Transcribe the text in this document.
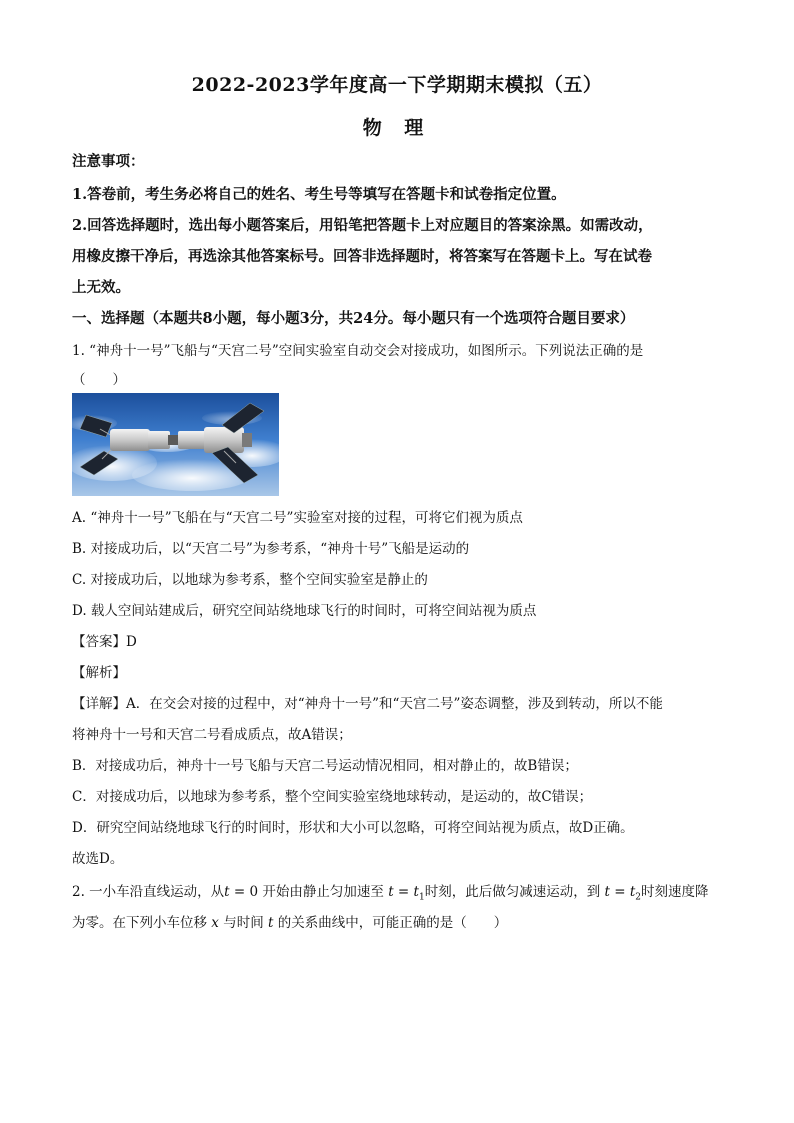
2022-2023学年度高一下学期期末模拟（五）
物 理
注意事项：
1.答卷前，考生务必将自己的姓名、考生号等填写在答题卡和试卷指定位置。
2.回答选择题时，选出每小题答案后，用铅笔把答题卡上对应题目的答案涂黑。如需改动，
用橡皮擦干净后，再选涂其他答案标号。回答非选择题时，将答案写在答题卡上。写在试卷
上无效。
一、选择题（本题共8小题，每小题3分，共24分。每小题只有一个选项符合题目要求）
1. “神舟十一号”飞船与“天宫二号”空间实验室自动交会对接成功，如图所示。下列说法正确的是
（　　）
A. “神舟十一号”飞船在与“天宫二号”实验室对接的过程，可将它们视为质点
B. 对接成功后，以“天宫二号”为参考系，“神舟十号”飞船是运动的
C. 对接成功后，以地球为参考系，整个空间实验室是静止的
D. 载人空间站建成后，研究空间站绕地球飞行的时间时，可将空间站视为质点
【答案】D
【解析】
【详解】A．在交会对接的过程中，对“神舟十一号”和“天宫二号”姿态调整，涉及到转动，所以不能
将神舟十一号和天宫二号看成质点，故A错误；
B．对接成功后，神舟十一号飞船与天宫二号运动情况相同，相对静止的，故B错误；
C．对接成功后，以地球为参考系，整个空间实验室绕地球转动，是运动的，故C错误；
D．研究空间站绕地球飞行的时间时，形状和大小可以忽略，可将空间站视为质点，故D正确。
故选D。
2. 一小车沿直线运动，从t = 0 开始由静止匀加速至 $t = t_1$时刻，此后做匀减速运动，到 $t = t_2$时刻速度降
为零。在下列小车位移 x 与时间 t 的关系曲线中，可能正确的是（　　）
